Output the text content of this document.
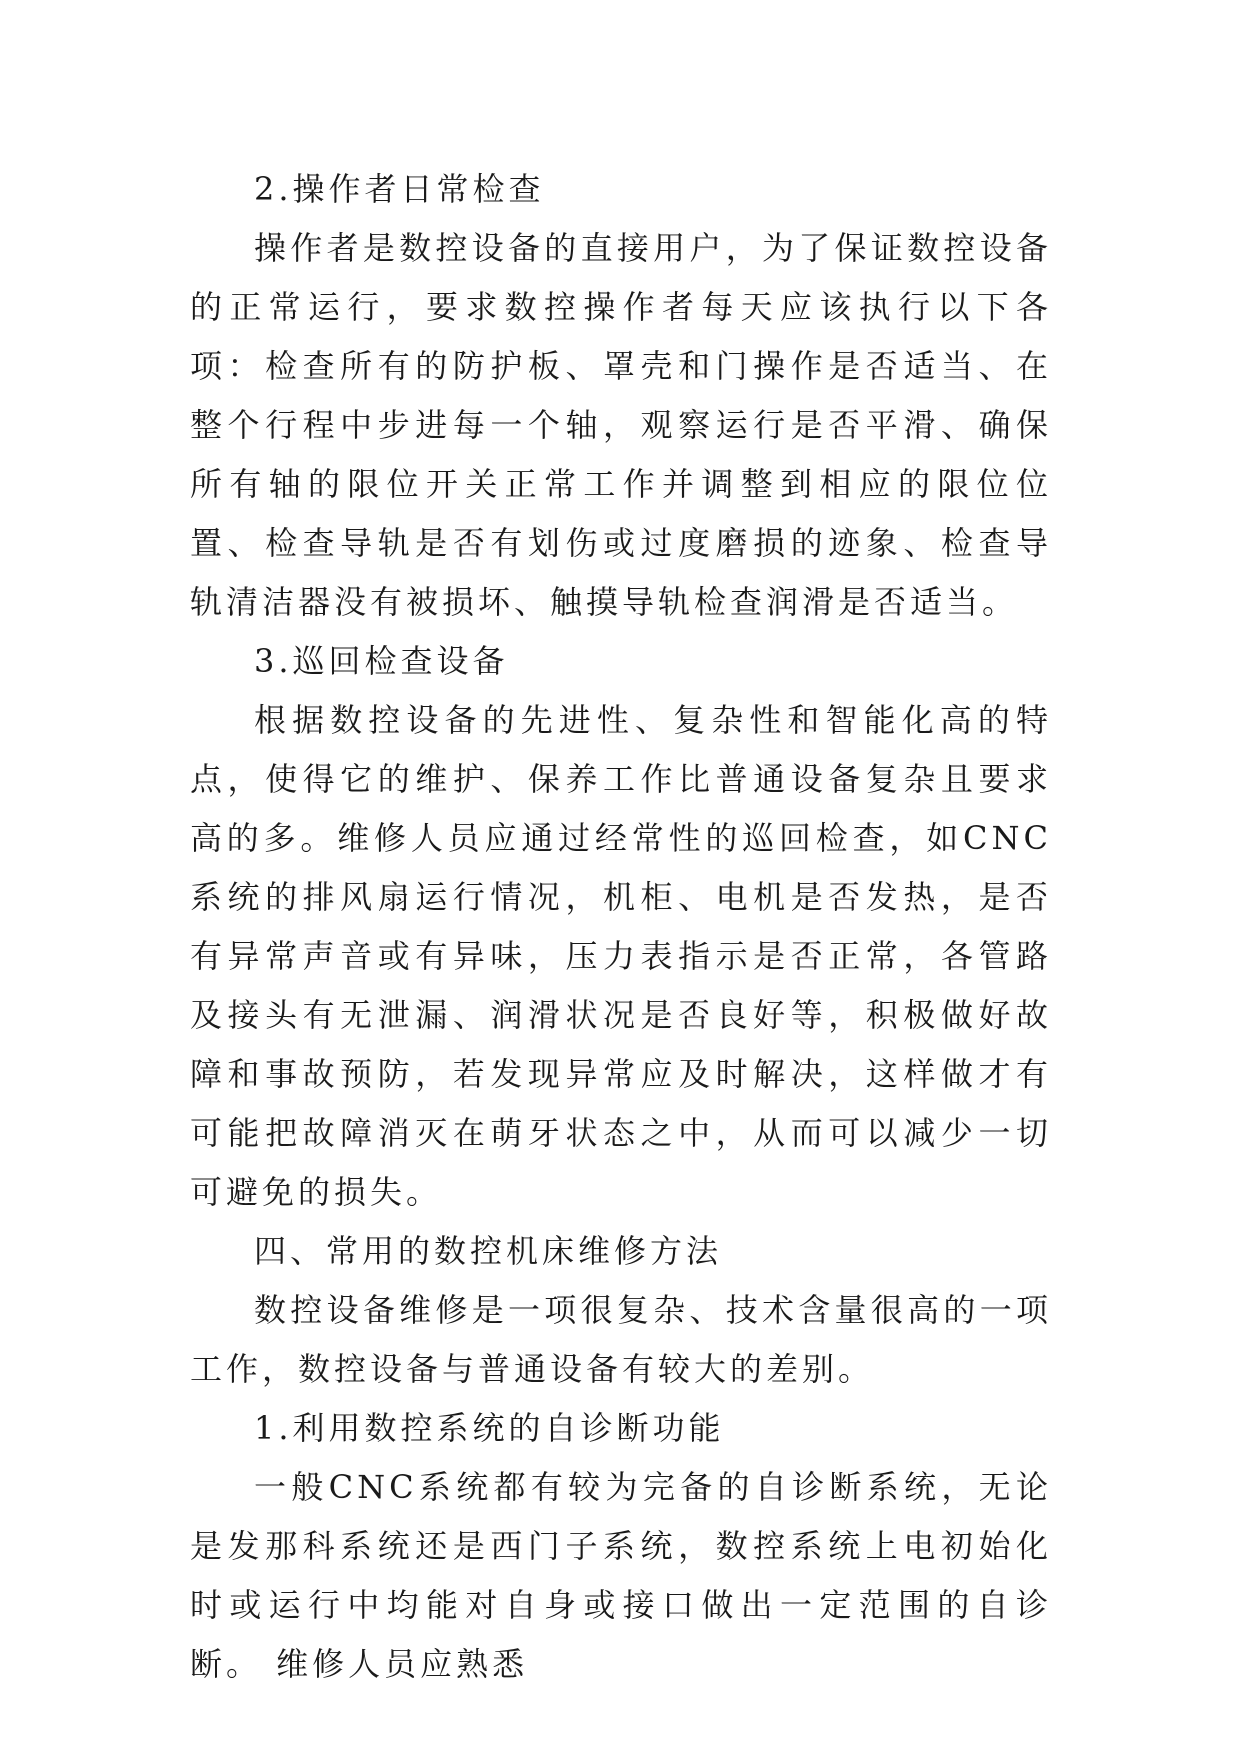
2.操作者日常检查

操作者是数控设备的直接用户，为了保证数控设备的正常运行，要求数控操作者每天应该执行以下各项：检查所有的防护板、罩壳和门操作是否适当、在整个行程中步进每一个轴，观察运行是否平滑、确保所有轴的限位开关正常工作并调整到相应的限位位置、检查导轨是否有划伤或过度磨损的迹象、检查导轨清洁器没有被损坏、触摸导轨检查润滑是否适当。

3.巡回检查设备

根据数控设备的先进性、复杂性和智能化高的特点，使得它的维护、保养工作比普通设备复杂且要求高的多。维修人员应通过经常性的巡回检查，如CNC系统的排风扇运行情况，机柜、电机是否发热，是否有异常声音或有异味，压力表指示是否正常，各管路及接头有无泄漏、润滑状况是否良好等，积极做好故障和事故预防，若发现异常应及时解决，这样做才有可能把故障消灭在萌牙状态之中，从而可以减少一切可避免的损失。

四、常用的数控机床维修方法

数控设备维修是一项很复杂、技术含量很高的一项工作，数控设备与普通设备有较大的差别。

1.利用数控系统的自诊断功能

一般CNC系统都有较为完备的自诊断系统，无论是发那科系统还是西门子系统，数控系统上电初始化时或运行中均能对自身或接口做出一定范围的自诊断。 维修人员应熟悉
